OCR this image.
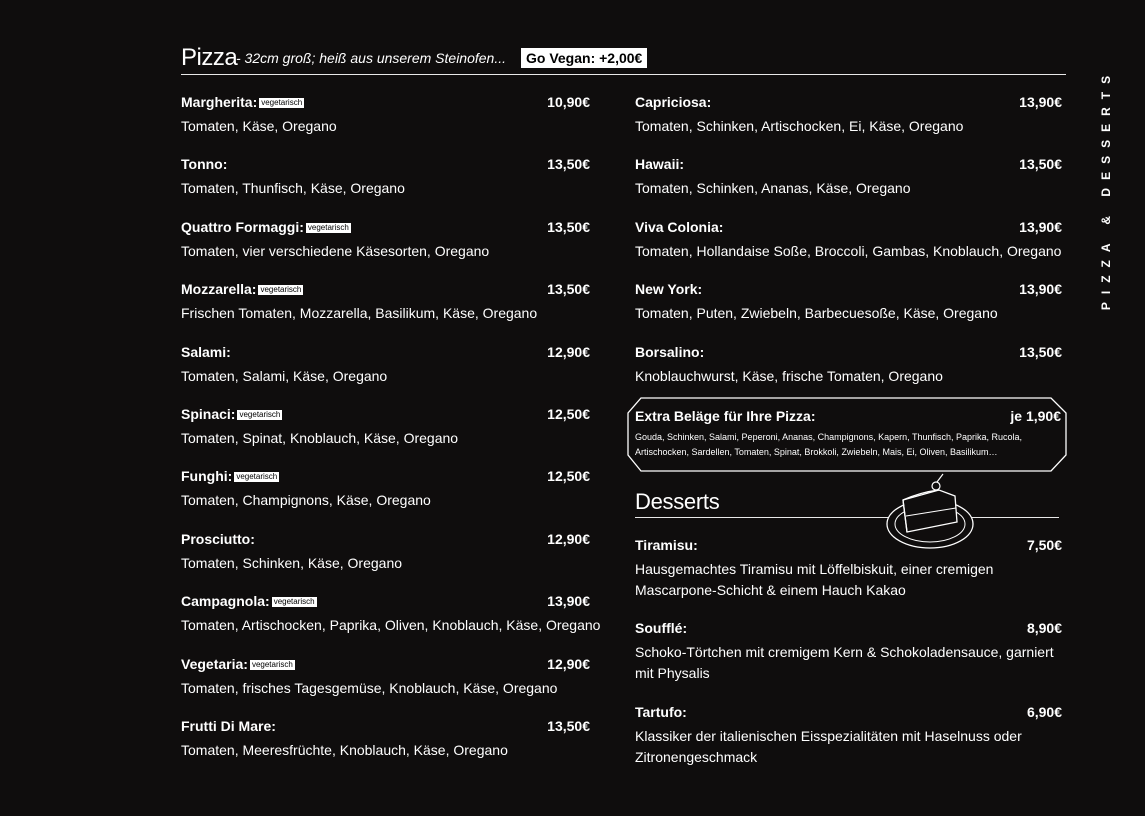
Pizza
- 32cm groß; heiß aus unserem Steinofen...	Go Vegan: +2,00€
Margherita: vegetarisch	10,90€
Tomaten, Käse, Oregano
Tonno:	13,50€
Tomaten, Thunfisch, Käse, Oregano
Quattro Formaggi: vegetarisch	13,50€
Tomaten, vier verschiedene Käsesorten, Oregano
Mozzarella: vegetarisch	13,50€
Frischen Tomaten, Mozzarella, Basilikum, Käse, Oregano
Salami:	12,90€
Tomaten, Salami, Käse, Oregano
Spinaci: vegetarisch	12,50€
Tomaten, Spinat, Knoblauch, Käse, Oregano
Funghi: vegetarisch	12,50€
Tomaten, Champignons, Käse, Oregano
Prosciutto:	12,90€
Tomaten, Schinken, Käse, Oregano
Campagnola: vegetarisch	13,90€
Tomaten, Artischocken, Paprika, Oliven, Knoblauch, Käse, Oregano
Vegetaria: vegetarisch	12,90€
Tomaten, frisches Tagesgemüse, Knoblauch, Käse, Oregano
Frutti Di Mare:	13,50€
Tomaten, Meeresfrüchte, Knoblauch, Käse, Oregano
Capriciosa:	13,90€
Tomaten, Schinken, Artischocken, Ei, Käse, Oregano
Hawaii:	13,50€
Tomaten, Schinken, Ananas, Käse, Oregano
Viva Colonia:	13,90€
Tomaten, Hollandaise Soße, Broccoli, Gambas, Knoblauch, Oregano
New York:	13,90€
Tomaten, Puten, Zwiebeln, Barbecuesoße, Käse, Oregano
Borsalino:	13,50€
Knoblauchwurst, Käse, frische Tomaten, Oregano
Extra Beläge für Ihre Pizza:	je 1,90€
Gouda, Schinken, Salami, Peperoni, Ananas, Champignons, Kapern, Thunfisch, Paprika, Rucola, Artischocken, Sardellen, Tomaten, Spinat, Brokkoli, Zwiebeln, Mais, Ei, Oliven, Basilikum…
Desserts
Tiramisu:	7,50€
Hausgemachtes Tiramisu mit Löffelbiskuit, einer cremigen Mascarpone-Schicht & einem Hauch Kakao
Soufflé:	8,90€
Schoko-Törtchen mit cremigem Kern & Schokoladensauce, garniert mit Physalis
Tartufo:	6,90€
Klassiker der italienischen Eisspezialitäten mit Haselnuss oder Zitronengeschmack
PIZZA & DESSERTS
